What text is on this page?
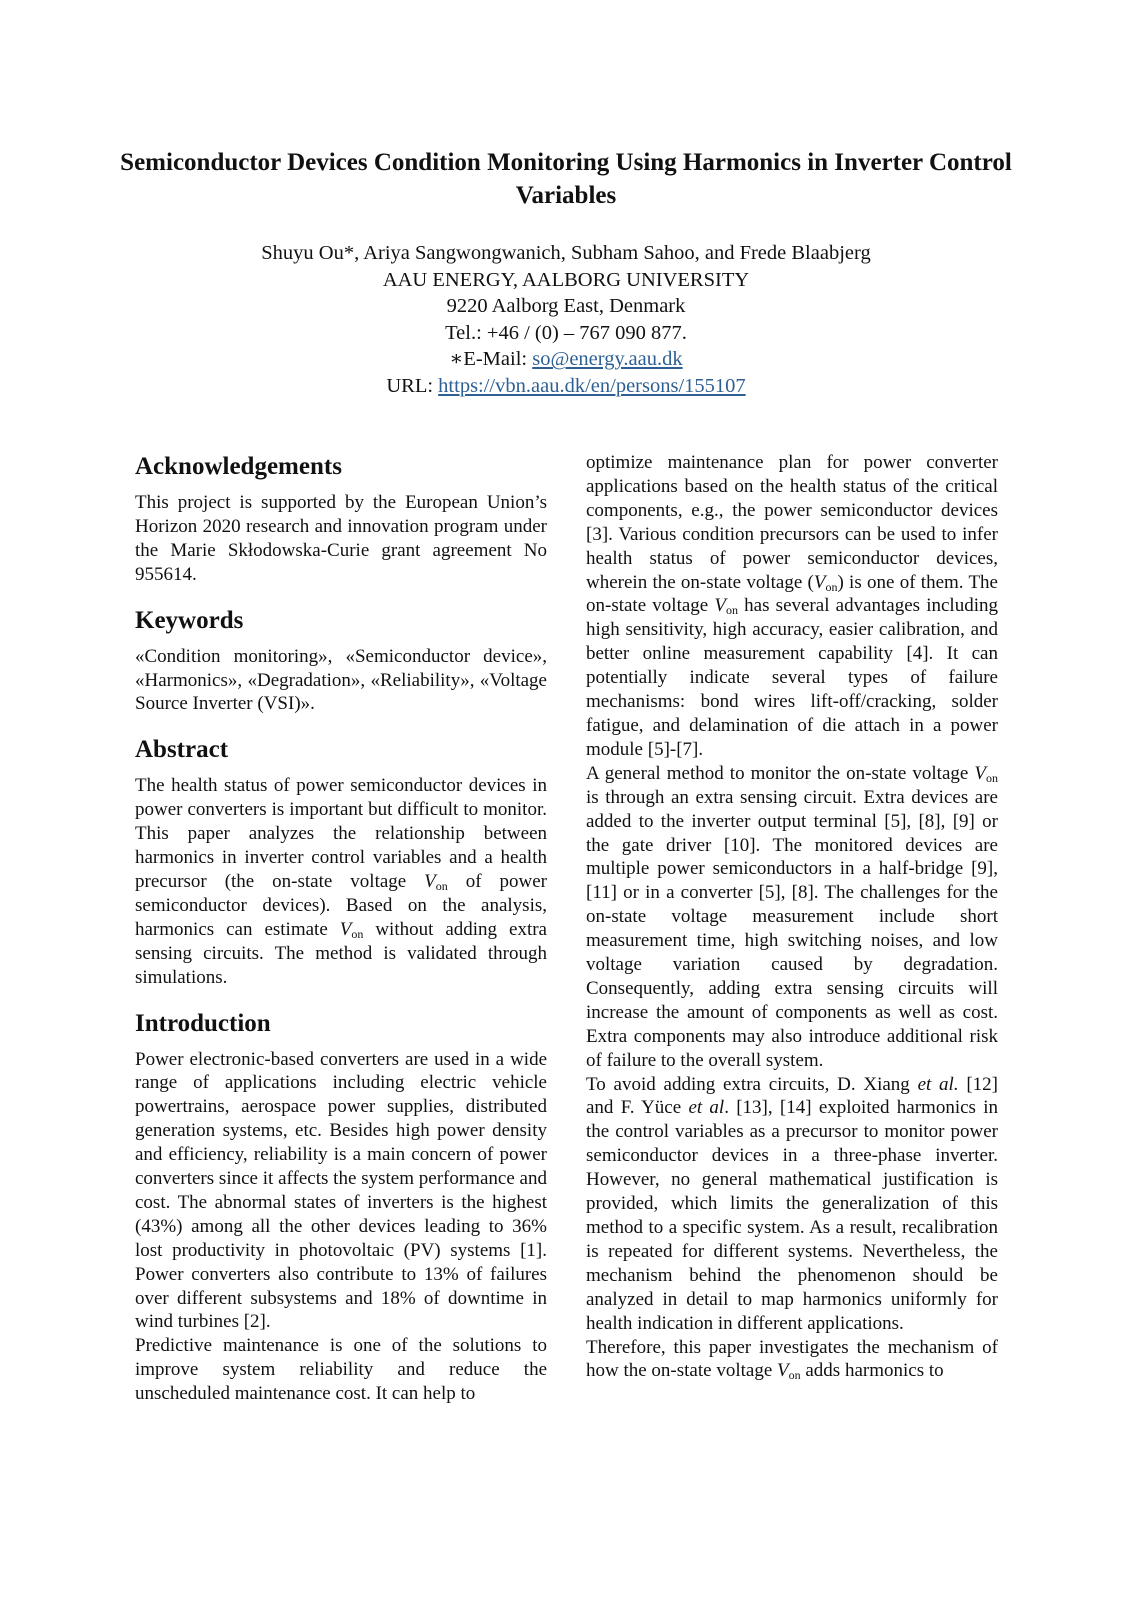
Semiconductor Devices Condition Monitoring Using Harmonics in Inverter Control Variables
Shuyu Ou*, Ariya Sangwongwanich, Subham Sahoo, and Frede Blaabjerg
AAU ENERGY, AALBORG UNIVERSITY
9220 Aalborg East, Denmark
Tel.: +46 / (0) – 767 090 877.
∗E-Mail: so@energy.aau.dk
URL: https://vbn.aau.dk/en/persons/155107
Acknowledgements

This project is supported by the European Union’s Horizon 2020 research and innovation program under the Marie Skłodowska-Curie grant agreement No 955614.

Keywords

«Condition monitoring», «Semiconductor device», «Harmonics», «Degradation», «Reliability», «Voltage Source Inverter (VSI)».

Abstract

The health status of power semiconductor devices in power converters is important but difficult to monitor. This paper analyzes the relationship between harmonics in inverter control variables and a health precursor (the on-state voltage $V_{on}$ of power semiconductor devices). Based on the analysis, harmonics can estimate $V_{on}$ without adding extra sensing circuits. The method is validated through simulations.

Introduction

Power electronic-based converters are used in a wide range of applications including electric vehicle powertrains, aerospace power supplies, distributed generation systems, etc. Besides high power density and efficiency, reliability is a main concern of power converters since it affects the system performance and cost. The abnormal states of inverters is the highest (43%) among all the other devices leading to 36% lost productivity in photovoltaic (PV) systems [1]. Power converters also contribute to 13% of failures over different subsystems and 18% of downtime in wind turbines [2].

Predictive maintenance is one of the solutions to improve system reliability and reduce the unscheduled maintenance cost. It can help to

optimize maintenance plan for power converter applications based on the health status of the critical components, e.g., the power semiconductor devices [3]. Various condition precursors can be used to infer health status of power semiconductor devices, wherein the on-state voltage $(V_{on})$ is one of them. The on-state voltage $V_{on}$ has several advantages including high sensitivity, high accuracy, easier calibration, and better online measurement capability [4]. It can potentially indicate several types of failure mechanisms: bond wires lift-off/cracking, solder fatigue, and delamination of die attach in a power module [5]-[7].

A general method to monitor the on-state voltage $V_{on}$ is through an extra sensing circuit. Extra devices are added to the inverter output terminal [5], [8], [9] or the gate driver [10]. The monitored devices are multiple power semiconductors in a half-bridge [9], [11] or in a converter [5], [8]. The challenges for the on-state voltage measurement include short measurement time, high switching noises, and low voltage variation caused by degradation. Consequently, adding extra sensing circuits will increase the amount of components as well as cost. Extra components may also introduce additional risk of failure to the overall system.

To avoid adding extra circuits, D. Xiang et al. [12] and F. Yüce et al. [13], [14] exploited harmonics in the control variables as a precursor to monitor power semiconductor devices in a three-phase inverter. However, no general mathematical justification is provided, which limits the generalization of this method to a specific system. As a result, recalibration is repeated for different systems. Nevertheless, the mechanism behind the phenomenon should be analyzed in detail to map harmonics uniformly for health indication in different applications.

Therefore, this paper investigates the mechanism of how the on-state voltage $V_{on}$ adds harmonics to
